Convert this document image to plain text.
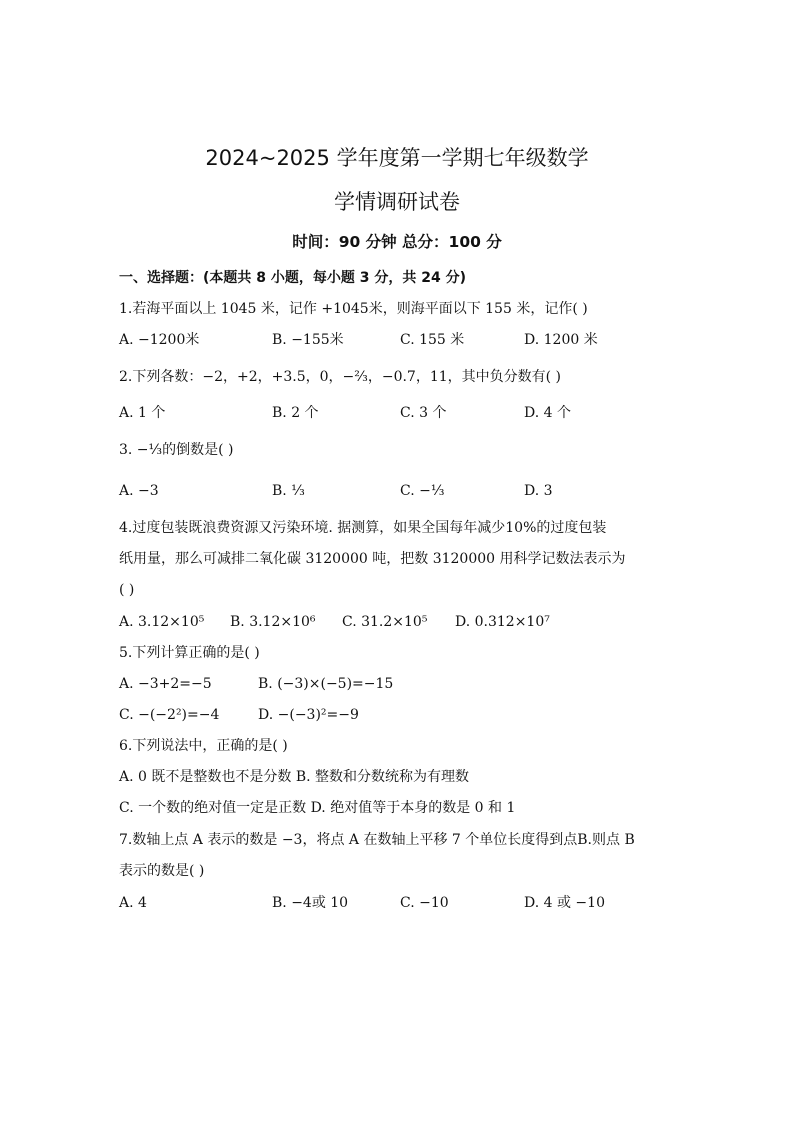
2024~2025 学年度第一学期七年级数学
学情调研试卷
时间：90 分钟 总分：100 分
一、选择题：(本题共 8 小题，每小题 3 分，共 24 分)
1.若海平面以上 1045 米，记作 +1045米，则海平面以下 155 米，记作( )
A. −1200米	B. −155米	C. 155 米	D. 1200 米
2.下列各数：−2，+2，+3.5，0，−⅔，−0.7，11，其中负分数有( )
A. 1 个	B. 2 个	C. 3 个	D. 4 个
3. −⅓的倒数是( )
A. −3	B. ⅓	C. −⅓	D. 3
4.过度包装既浪费资源又污染环境. 据测算，如果全国每年减少10%的过度包装
纸用量，那么可减排二氧化碳 3120000 吨，把数 3120000 用科学记数法表示为
( )
A. 3.12×10⁵ B. 3.12×10⁶ C. 31.2×10⁵ D. 0.312×10⁷
5.下列计算正确的是( )
A. −3+2=−5	B. (−3)×(−5)=−15
C. −(−2²)=−4	D. −(−3)²=−9
6.下列说法中，正确的是( )
A. 0 既不是整数也不是分数 B. 整数和分数统称为有理数
C. 一个数的绝对值一定是正数 D. 绝对值等于本身的数是 0 和 1
7.数轴上点 A 表示的数是 −3，将点 A 在数轴上平移 7 个单位长度得到点B.则点 B
表示的数是( )
A. 4	B. −4或 10	C. −10	D. 4 或 −10
